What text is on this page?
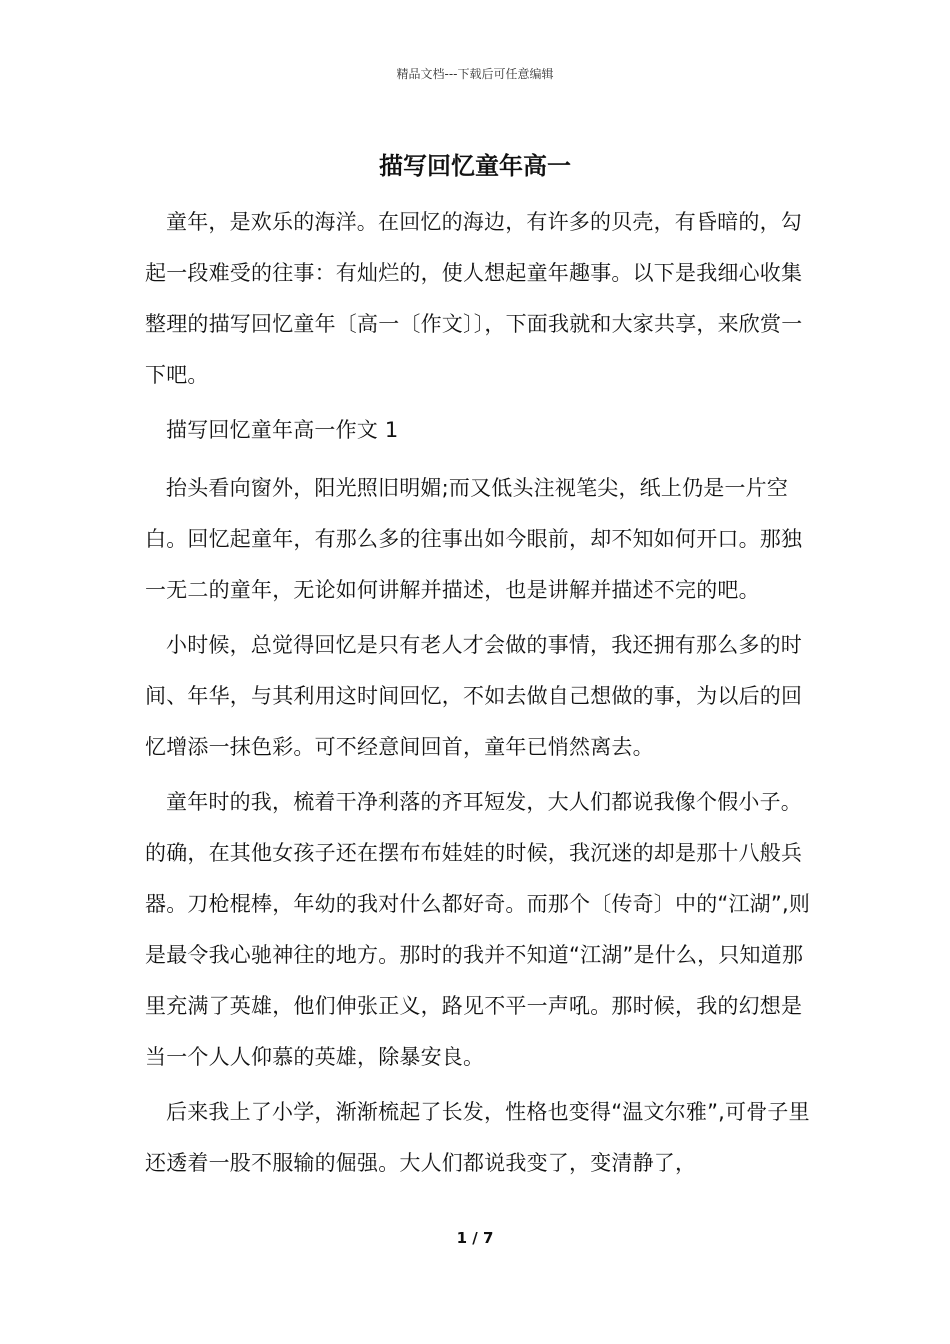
精品文档---下载后可任意编辑
描写回忆童年高一

童年，是欢乐的海洋。在回忆的海边，有许多的贝壳，有昏暗的，勾起一段难受的往事：有灿烂的，使人想起童年趣事。以下是我细心收集整理的描写回忆童年〔高一〔作文〕〕，下面我就和大家共享，来欣赏一下吧。

描写回忆童年高一作文 1

抬头看向窗外，阳光照旧明媚;而又低头注视笔尖，纸上仍是一片空白。回忆起童年，有那么多的往事出如今眼前，却不知如何开口。那独一无二的童年，无论如何讲解并描述，也是讲解并描述不完的吧。

小时候，总觉得回忆是只有老人才会做的事情，我还拥有那么多的时间、年华，与其利用这时间回忆，不如去做自己想做的事，为以后的回忆增添一抹色彩。可不经意间回首，童年已悄然离去。

童年时的我，梳着干净利落的齐耳短发，大人们都说我像个假小子。的确，在其他女孩子还在摆布布娃娃的时候，我沉迷的却是那十八般兵器。刀枪棍棒，年幼的我对什么都好奇。而那个〔传奇〕中的“江湖”,则是最令我心驰神往的地方。那时的我并不知道“江湖”是什么，只知道那里充满了英雄，他们伸张正义，路见不平一声吼。那时候，我的幻想是当一个人人仰慕的英雄，除暴安良。

后来我上了小学，渐渐梳起了长发，性格也变得“温文尔雅”,可骨子里还透着一股不服输的倔强。大人们都说我变了，变清静了，

1 / 7
